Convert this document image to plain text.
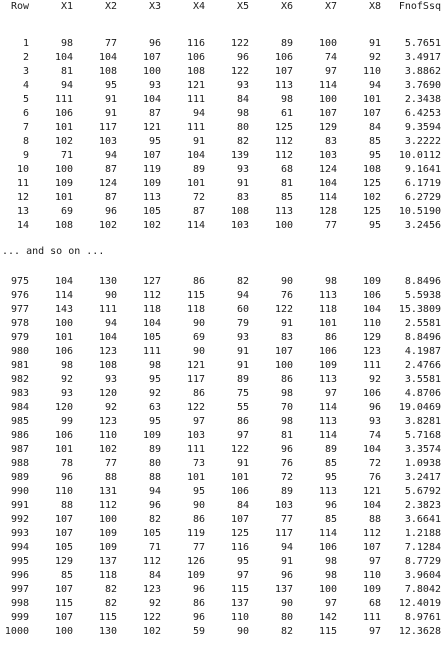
Row	X1	X2	X3	X4	X5	X6	X7	X8	FnofSsq
1	98	77	96	116	122	89	100	91	5.7651
2	104	104	107	106	96	106	74	92	3.4917
3	81	108	100	108	122	107	97	110	3.8862
4	94	95	93	121	93	113	114	94	3.7690
5	111	91	104	111	84	98	100	101	2.3438
6	106	91	87	94	98	61	107	107	6.4253
7	101	117	121	111	80	125	129	84	9.3594
8	102	103	95	91	82	112	83	85	3.2222
9	71	94	107	104	139	112	103	95	10.0112
10	100	87	119	89	93	68	124	108	9.1641
11	109	124	109	101	91	81	104	125	6.1719
12	101	87	113	72	83	85	114	102	6.2729
13	69	96	105	87	108	113	128	125	10.5190
14	108	102	102	114	103	100	77	95	3.2456
... and so on ...
975	104	130	127	86	82	90	98	109	8.8496
976	114	90	112	115	94	76	113	106	5.5938
977	143	111	118	118	60	122	118	104	15.3809
978	100	94	104	90	79	91	101	110	2.5581
979	101	104	105	69	93	83	86	129	8.8496
980	106	123	111	90	91	107	106	123	4.1987
981	98	108	98	121	91	100	109	111	2.4766
982	92	93	95	117	89	86	113	92	3.5581
983	93	120	92	86	75	98	97	106	4.8706
984	120	92	63	122	55	70	114	96	19.0469
985	99	123	95	97	86	98	113	93	3.8281
986	106	110	109	103	97	81	114	74	5.7168
987	101	102	89	111	122	96	89	104	3.3574
988	78	77	80	73	91	76	85	72	1.0938
989	96	88	88	101	101	72	95	76	3.2417
990	110	131	94	95	106	89	113	121	5.6792
991	88	112	96	90	84	103	96	104	2.3823
992	107	100	82	86	107	77	85	88	3.6641
993	107	109	105	119	125	117	114	112	1.2188
994	105	109	71	77	116	94	106	107	7.1284
995	129	137	112	126	95	91	98	97	8.7729
996	85	118	84	109	97	96	98	110	3.9604
997	107	82	123	96	115	137	100	109	7.8042
998	115	82	92	86	137	90	97	68	12.4019
999	107	115	122	96	110	80	142	111	8.9761
1000	100	130	102	59	90	82	115	97	12.3628
